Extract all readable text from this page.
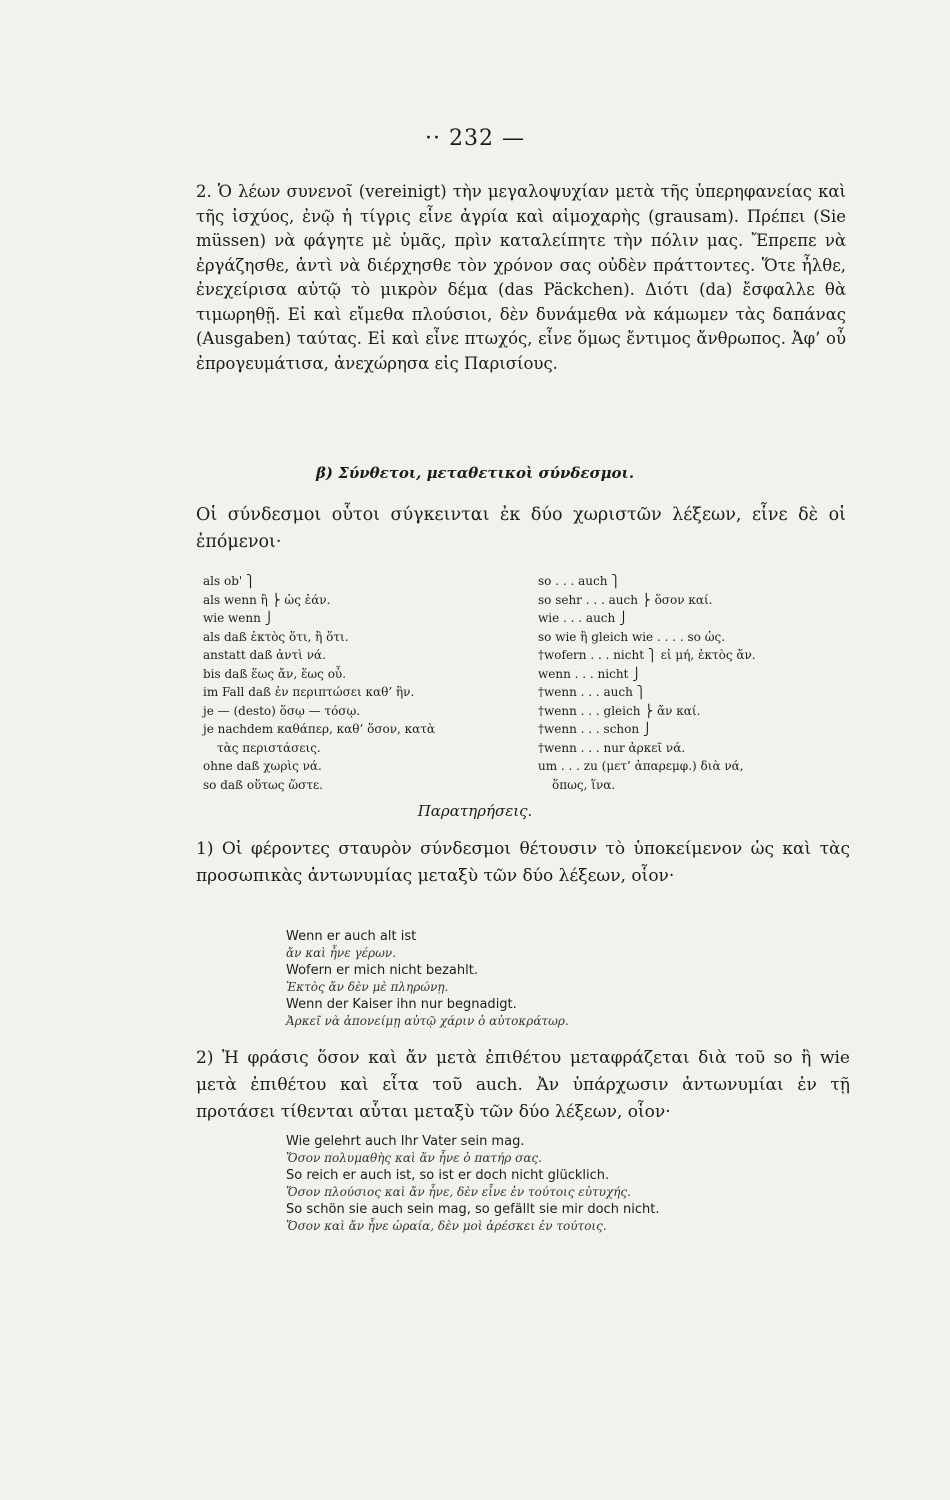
·· 232 —
2. Ὁ λέων συνενοῖ (vereinigt) τὴν μεγαλοψυχίαν μετὰ τῆς ὑπερηφανείας καὶ τῆς ἰσχύος, ἐνῷ ἡ τίγρις εἶνε ἀγρία καὶ αἱμοχαρὴς (grausam). Πρέπει (Sie müssen) νὰ φάγητε μὲ ὑμᾶς, πρὶν καταλείπητε τὴν πόλιν μας. Ἔπρεπε νὰ ἐργάζησθε, ἀντὶ νὰ διέρχησθε τὸν χρόνον σας οὐδὲν πράττοντες. Ὅτε ἦλθε, ἐνεχείρισα αὐτῷ τὸ μικρὸν δέμα (das Päckchen). Διότι (da) ἔσφαλλε θὰ τιμωρηθῇ. Εἰ καὶ εἴμεθα πλούσιοι, δὲν δυνάμεθα νὰ κάμωμεν τὰς δαπάνας (Ausgaben) ταύτας. Εἰ καὶ εἶνε πτωχός, εἶνε ὅμως ἔντιμος ἄνθρωπος. Ἀφ’ οὖ ἐπρογευμάτισα, ἀνεχώρησα εἰς Παρισίους.
β) Σύνθετοι, μεταθετικοὶ σύνδεσμοι.
Οἱ σύνδεσμοι οὗτοι σύγκεινται ἐκ δύο χωριστῶν λέξεων, εἶνε δὲ οἱ ἐπόμενοι·
als ob' ⎫
als wenn ἢ ⎬ ὡς ἐάν.
wie wenn ⎭
als daß ἐκτὸς ὅτι, ἢ ὅτι.
anstatt daß ἀντὶ νά.
bis daß ἕως ἄν, ἕως οὗ.
im Fall daß ἐν περιπτώσει καθ’ ἣν.
je — (desto) ὅσῳ — τόσῳ.
je nachdem καθάπερ, καθ’ ὅσον, κατὰ
τὰς περιστάσεις.
ohne daß χωρὶς νά.
so daß οὕτως ὥστε.
so . . . auch ⎫
so sehr . . . auch ⎬ ὅσον καί.
wie . . . auch ⎭
so wie ἢ gleich wie . . . . so ὡς.
†wofern . . . nicht ⎫ εἰ μή, ἐκτὸς ἄν.
wenn . . . nicht ⎭
†wenn . . . auch ⎫
†wenn . . . gleich ⎬ ἄν καί.
†wenn . . . schon ⎭
†wenn . . . nur ἀρκεῖ νά.
um . . . zu (μετ’ ἀπαρεμφ.) διὰ νά,
ὅπως, ἵνα.
Παρατηρήσεις.
1) Οἱ φέροντες σταυρὸν σύνδεσμοι θέτουσιν τὸ ὑποκείμενον ὡς καὶ τὰς προσωπικὰς ἀντωνυμίας μεταξὺ τῶν δύο λέξεων, οἷον·
Wenn er auch alt ist
ἄν καὶ ἦνε γέρων.
Wofern er mich nicht bezahlt.
Ἐκτὸς ἄν δὲν μὲ πληρώνῃ.
Wenn der Kaiser ihn nur begnadigt.
Ἀρκεῖ νὰ ἀπονείμῃ αὐτῷ χάριν ὁ αὐτοκράτωρ.
2) Ἡ φράσις ὅσον καὶ ἄν μετὰ ἐπιθέτου μεταφράζεται διὰ τοῦ so ἢ wie μετὰ ἐπιθέτου καὶ εἶτα τοῦ auch. Ἀν ὑπάρχωσιν ἀντωνυμίαι ἐν τῇ προτάσει τίθενται αὗται μεταξὺ τῶν δύο λέξεων, οἷον·
Wie gelehrt auch Ihr Vater sein mag.
Ὅσον πολυμαθὴς καὶ ἄν ἦνε ὁ πατήρ σας.
So reich er auch ist, so ist er doch nicht glücklich.
Ὅσον πλούσιος καὶ ἄν ἦνε, δὲν εἶνε ἐν τούτοις εὐτυχής.
So schön sie auch sein mag, so gefällt sie mir doch nicht.
Ὅσον καὶ ἄν ἦνε ὡραία, δὲν μοὶ ἀρέσκει ἐν τούτοις.
